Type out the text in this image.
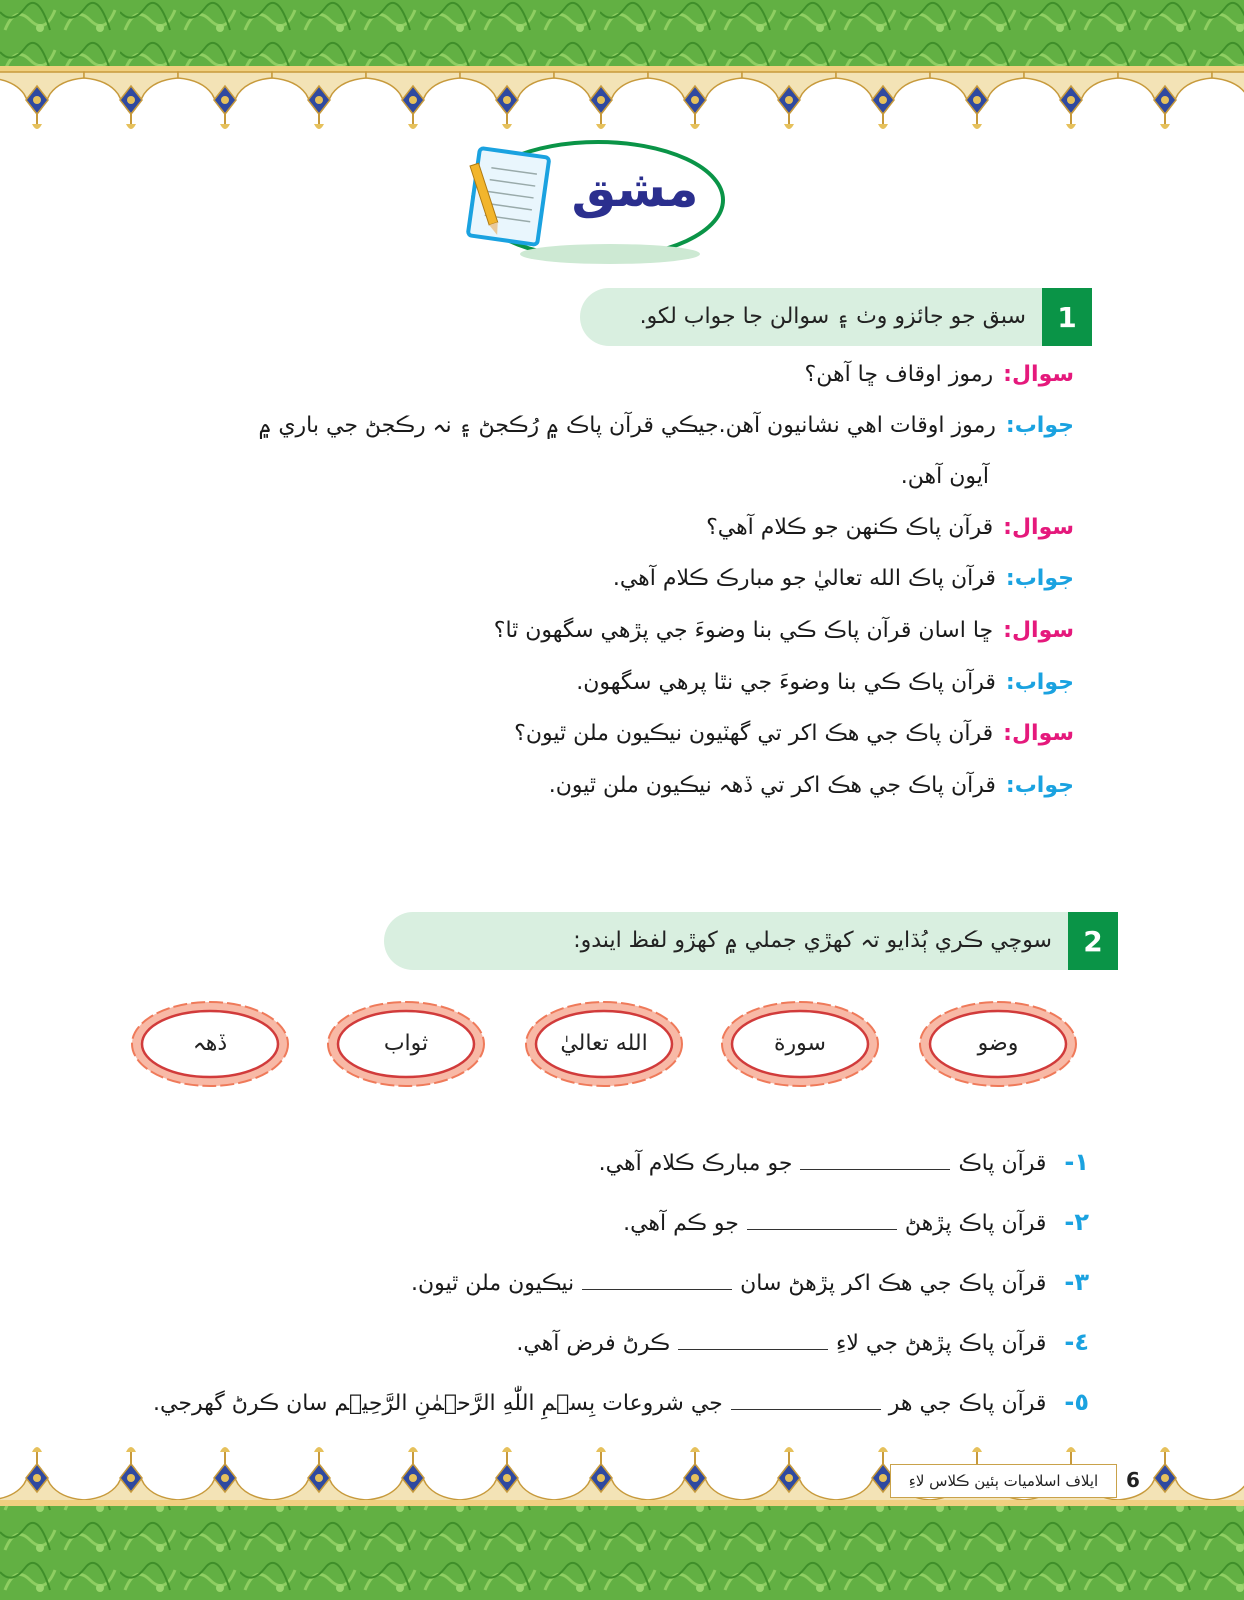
مشق
1
سبق جو جائزو وٺ ۽ سوالن جا جواب لکو.
سوال:رموز اوقاف ڇا آهن؟
جواب:رموز اوقات اهي نشانيون آهن.جيڪي قرآن پاڪ ۾ رُڪجڻ ۽ نہ رڪجڻ جي باري ۾
آيون آهن.
سوال:قرآن پاڪ ڪنهن جو ڪلام آهي؟
جواب:قرآن پاڪ الله تعاليٰ جو مبارڪ ڪلام آهي.
سوال:ڇا اسان قرآن پاڪ ڪي بنا وضوءَ جي پڙهي سگهون ٿا؟
جواب:قرآن پاڪ ڪي بنا وضوءَ جي نٿا پرهي سگهون.
سوال:قرآن پاڪ جي هڪ اکر تي گهٽيون نيڪيون ملن ٿيون؟
جواب:قرآن پاڪ جي هڪ اکر تي ڏهہ نيڪيون ملن ٿيون.
2
سوچي ڪري ٻُڌايو تہ کهڙي جملي ۾ کهڙو لفظ ايندو:
وضو
سورة
الله تعاليٰ
ثواب
ڏهہ
١-قرآن پاڪجو مبارڪ ڪلام آهي.
٢-قرآن پاڪ پڙهڻجو ڪم آهي.
٣-قرآن پاڪ جي هڪ اکر پڙهڻ ساننيڪيون ملن ٿيون.
٤-قرآن پاڪ پڙهڻ جي لاءِڪرڻ فرض آهي.
٥-قرآن پاڪ جي هرجي شروعات بِسۡمِ اللّٰهِ الرَّحۡمٰنِ الرَّحِيۡم سان ڪرڻ گهرجي.
ايلاف اسلاميات ٻئين ڪلاس لاءِ	6
